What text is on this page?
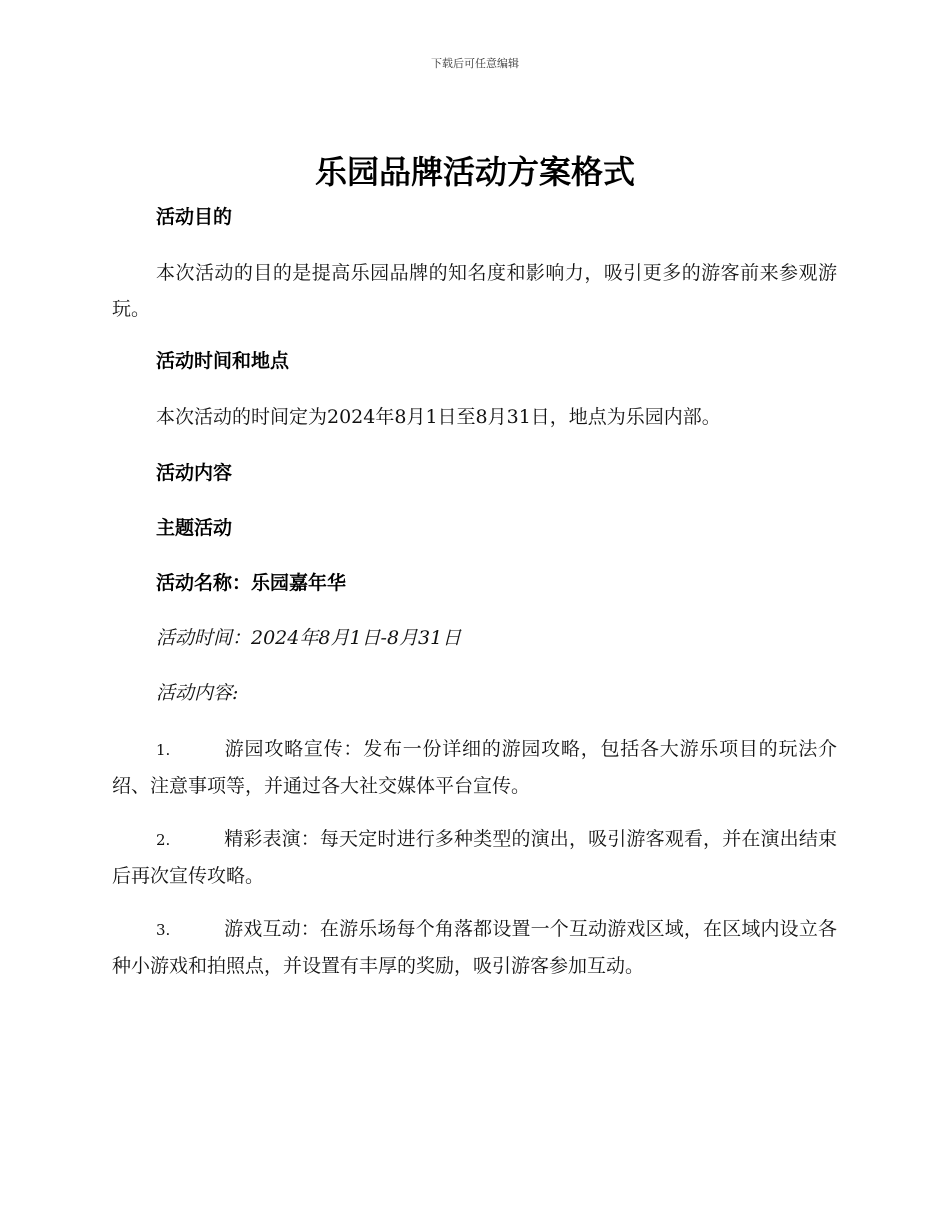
下载后可任意编辑
乐园品牌活动方案格式
活动目的
本次活动的目的是提高乐园品牌的知名度和影响力，吸引更多的游客前来参观游玩。
活动时间和地点
本次活动的时间定为2024年8月1日至8月31日，地点为乐园内部。
活动内容
主题活动
活动名称：乐园嘉年华
活动时间：2024年8月1日-8月31日
活动内容:
1.	游园攻略宣传：发布一份详细的游园攻略，包括各大游乐项目的玩法介绍、注意事项等，并通过各大社交媒体平台宣传。
2.	精彩表演：每天定时进行多种类型的演出，吸引游客观看，并在演出结束后再次宣传攻略。
3.	游戏互动：在游乐场每个角落都设置一个互动游戏区域，在区域内设立各种小游戏和拍照点，并设置有丰厚的奖励，吸引游客参加互动。
